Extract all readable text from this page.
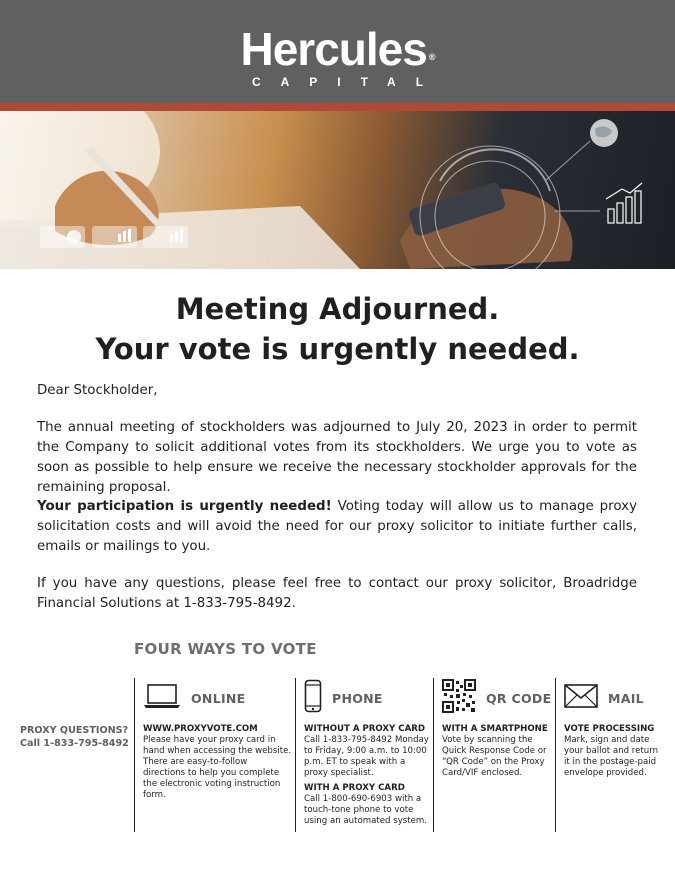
Hercules ®
CAPITAL
Meeting Adjourned.
Your vote is urgently needed.
Dear Stockholder,
The annual meeting of stockholders was adjourned to July 20, 2023 in order to permit the Company to solicit additional votes from its stockholders. We urge you to vote as soon as possible to help ensure we receive the necessary stockholder approvals for the remaining proposal.
Your participation is urgently needed! Voting today will allow us to manage proxy solicitation costs and will avoid the need for our proxy solicitor to initiate further calls, emails or mailings to you.
If you have any questions, please feel free to contact our proxy solicitor, Broadridge Financial Solutions at 1-833-795-8492.
FOUR WAYS TO VOTE
PROXY QUESTIONS?
Call 1-833-795-8492
ONLINE
WWW.PROXYVOTE.COM
Please have your proxy card in hand when accessing the website. There are easy-to-follow directions to help you complete the electronic voting instruction form.
PHONE
WITHOUT A PROXY CARD
Call 1-833-795-8492 Monday to Friday, 9:00 a.m. to 10:00 p.m. ET to speak with a proxy specialist.
WITH A PROXY CARD
Call 1-800-690-6903 with a touch-tone phone to vote using an automated system.
QR CODE
WITH A SMARTPHONE
Vote by scanning the Quick Response Code or “QR Code” on the Proxy Card/VIF enclosed.
MAIL
VOTE PROCESSING
Mark, sign and date your ballot and return it in the postage-paid envelope provided.
